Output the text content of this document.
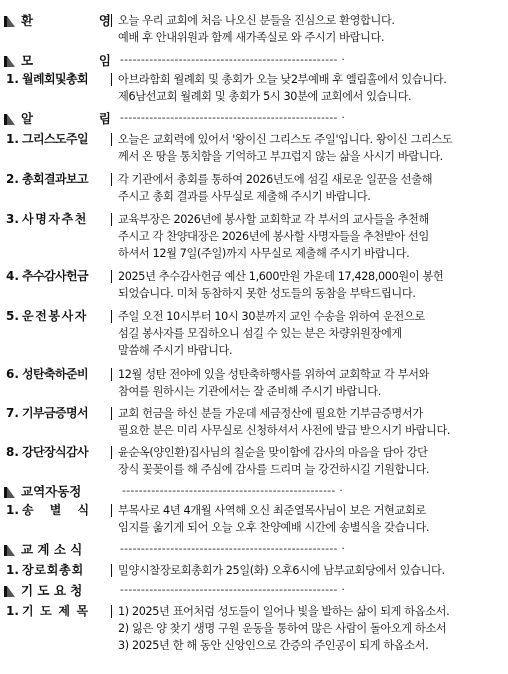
환	영 오늘 우리 교회에 처음 나오신 분들을 진심으로 환영합니다.
예배 후 안내위원과 함께 새가족실로 와 주시기 바랍니다.
모	임 ---------------------------------------------------- ·
1. 월례회및총회	아브라함회 월례회 및 총회가 오늘 낮2부예배 후 엘림홀에서 있습니다.
제6남선교회 월례회 및 총회가 5시 30분에 교회에서 있습니다.
알	림 ---------------------------------------------------- ·
1. 그리스도주일	오늘은 교회력에 있어서 '왕이신 그리스도 주일'입니다. 왕이신 그리스도
께서 온 땅을 통치함을 기억하고 부끄럽지 않는 삶을 사시기 바랍니다.
2. 총회결과보고	각 기관에서 총회를 통하여 2026년도에 섬길 새로운 일꾼을 선출해
주시고 총회 결과를 사무실로 제출해 주시기 바랍니다.
3. 사명자추천	교육부장은 2026년에 봉사할 교회학교 각 부서의 교사들을 추천해
주시고 각 찬양대장은 2026년에 봉사할 사명자들을 추천받아 선임
하셔서 12월 7일(주일)까지 사무실로 제출해 주시기 바랍니다.
4. 추수감사헌금	2025년 추수감사헌금 예산 1,600만원 가운데 17,428,000원이 봉헌
되었습니다. 미처 동참하지 못한 성도들의 동참을 부탁드립니다.
5. 운전봉사자	주일 오전 10시부터 10시 30분까지 교인 수송을 위하여 운전으로
섬길 봉사자를 모집하오니 섬길 수 있는 분은 차량위원장에게
말씀해 주시기 바랍니다.
6. 성탄축하준비	12월 성탄 전야에 있을 성탄축하행사를 위하여 교회학교 각 부서와
참여를 원하시는 기관에서는 잘 준비해 주시기 바랍니다.
7. 기부금증명서	교회 헌금을 하신 분들 가운데 세금정산에 필요한 기부금증명서가
필요한 분은 미리 사무실로 신청하셔서 사전에 발급 받으시기 바랍니다.
8. 강단장식감사	윤순옥(양인환)집사님의 칠순을 맞이함에 감사의 마음을 담아 강단
장식 꽃꽂이를 해 주심에 감사를 드리며 늘 강건하시길 기원합니다.
교역자동정	--------------------------------------------------- ·
1. 송 별 식	부목사로 4년 4개월 사역해 오신 최준열목사님이 보은 거현교회로
임지를 옮기게 되어 오늘 오후 찬양예배 시간에 송별식을 갖습니다.
교 계 소 식	---------------------------------------------------- ·
1. 장로회총회	밀양시찰장로회총회가 25일(화) 오후6시에 남부교회당에서 있습니다.
기 도 요 청	---------------------------------------------------- ·
1. 기 도 제 목	1) 2025년 표어처럼 성도들이 일어나 빛을 발하는 삶이 되게 하옵소서.
2) 잃은 양 찾기 생명 구원 운동을 통하여 많은 사람이 돌아오게 하소서
3) 2025년 한 해 동안 신앙인으로 간증의 주인공이 되게 하옵소서.
